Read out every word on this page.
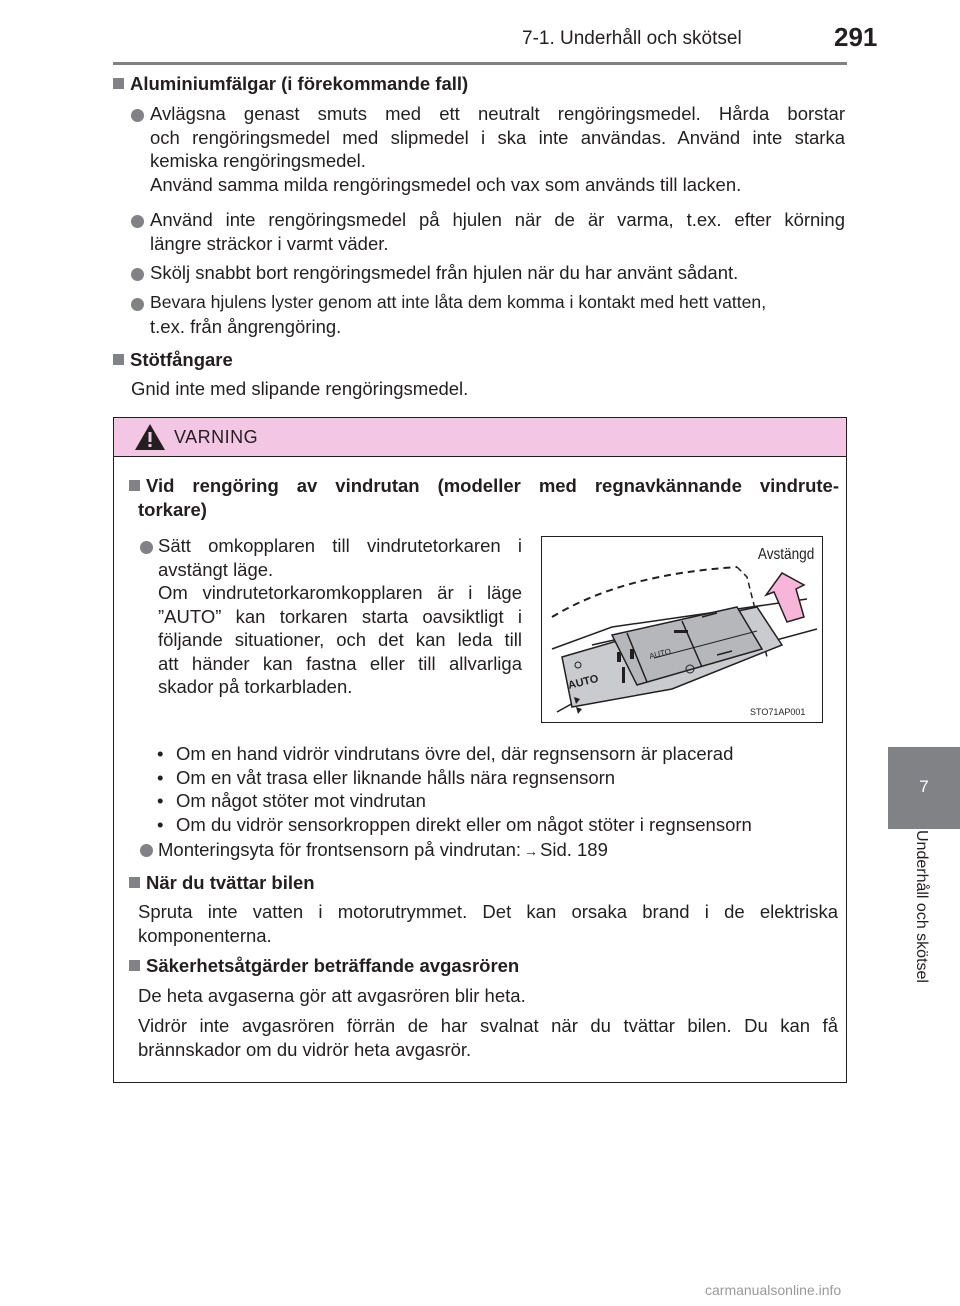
7-1. Underhåll och skötsel	291
7
Underhåll och skötsel

Aluminiumfälgar (i förekommande fall)

Avlägsna genast smuts med ett neutralt rengöringsmedel. Hårda borstar
och rengöringsmedel med slipmedel i ska inte användas. Använd inte starka
kemiska rengöringsmedel.
Använd samma milda rengöringsmedel och vax som används till lacken.
Använd inte rengöringsmedel på hjulen när de är varma, t.ex. efter körning
längre sträckor i varmt väder.
Skölj snabbt bort rengöringsmedel från hjulen när du har använt sådant.
Bevara hjulens lyster genom att inte låta dem komma i kontakt med hett vatten,
t.ex. från ångrengöring.

Stötfångare

Gnid inte med slipande rengöringsmedel.
VARNING

Vid rengöring av vindrutan (modeller med regnavkännande vindrute-
torkare)

Sätt omkopplaren till vindrutetorkaren i
avstängt läge.
Om vindrutetorkaromkopplaren är i läge
”AUTO” kan torkaren starta oavsiktligt i
följande situationer, och det kan leda till
att händer kan fastna eller till allvarliga
skador på torkarbladen.	AUTO
AUTO
Avstängd
STO71AP001
• Om en hand vidrör vindrutans övre del, där regnsensorn är placerad
• Om en våt trasa eller liknande hålls nära regnsensorn
• Om något stöter mot vindrutan
• Om du vidrör sensorkroppen direkt eller om något stöter i regnsensorn
Monteringsyta för frontsensorn på vindrutan: → Sid. 189

När du tvättar bilen

Spruta inte vatten i motorutrymmet. Det kan orsaka brand i de elektriska
komponenterna.

Säkerhetsåtgärder beträffande avgasrören

De heta avgaserna gör att avgasrören blir heta.
Vidrör inte avgasrören förrän de har svalnat när du tvättar bilen. Du kan få
brännskador om du vidrör heta avgasrör.
carmanualsonline.info
